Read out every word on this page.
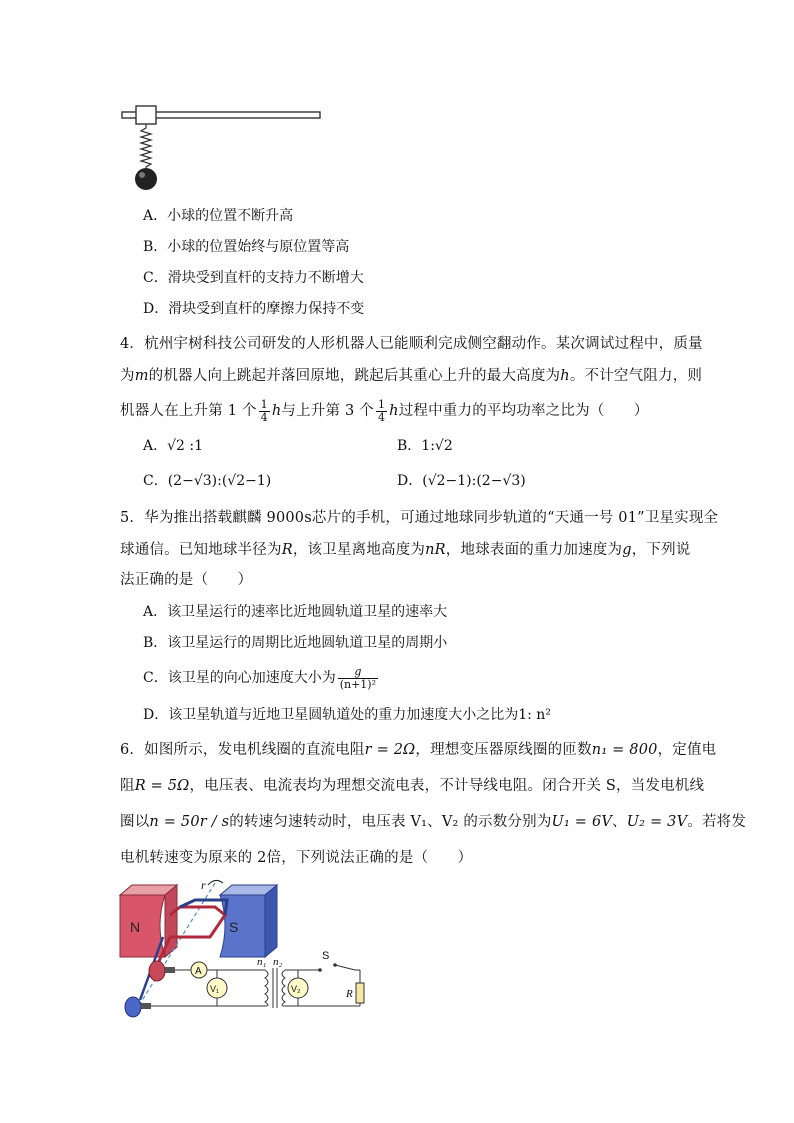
A．小球的位置不断升高
B．小球的位置始终与原位置等高
C．滑块受到直杆的支持力不断增大
D．滑块受到直杆的摩擦力保持不变
4．杭州宇树科技公司研发的人形机器人已能顺利完成侧空翻动作。某次调试过程中，质量
为m的机器人向上跳起并落回原地，跳起后其重心上升的最大高度为h。不计空气阻力，则
机器人在上升第 1 个 $\frac{1}{4}$ h与上升第 3 个 $\frac{1}{4}$ h过程中重力的平均功率之比为（　　）
A．√2 :1	B．1:√2
C．(2−√3):(√2−1)	D．(√2−1):(2−√3)
5．华为推出搭载麒麟 9000s芯片的手机，可通过地球同步轨道的“天通一号 01”卫星实现全
球通信。已知地球半径为R，该卫星离地高度为nR，地球表面的重力加速度为g，下列说
法正确的是（　　）
A．该卫星运行的速率比近地圆轨道卫星的速率大
B．该卫星运行的周期比近地圆轨道卫星的周期小
C．该卫星的向心加速度大小为 $\frac{g}{\text{(n+1)²}}$
D．该卫星轨道与近地卫星圆轨道处的重力加速度大小之比为1: n²
6．如图所示，发电机线圈的直流电阻r = 2Ω，理想变压器原线圈的匝数n₁ = 800，定值电
阻R = 5Ω，电压表、电流表均为理想交流电表，不计导线电阻。闭合开关 S，当发电机线
圈以n = 50r / s的转速匀速转动时，电压表 V₁、V₂ 的示数分别为U₁ = 6V、U₂ = 3V。若将发
电机转速变为原来的 2倍，下列说法正确的是（　　）
N	S
r
n₁ n₂
A
V₁	V₂
S
R
